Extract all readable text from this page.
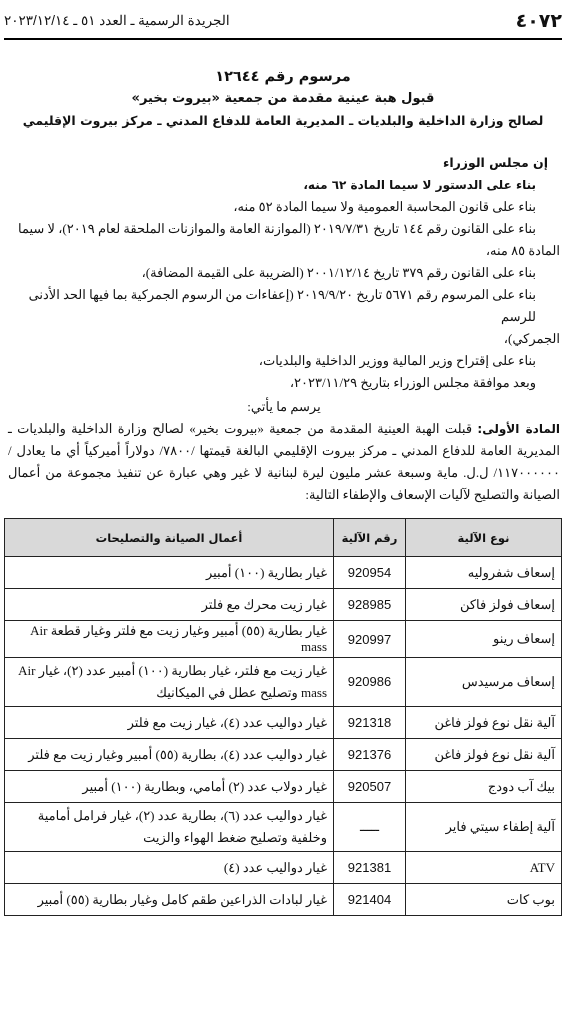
٤٠٧٢
الجريدة الرسمية ـ العدد ٥١ ـ ٢٠٢٣/١٢/١٤
مرسوم رقم ١٢٦٤٤
قبول هبة عينية مقدمة من جمعية «بيروت بخير»
لصالح وزارة الداخلية والبلديات ـ المديرية العامة للدفاع المدني ـ مركز بيروت الإقليمي
إن مجلس الوزراء
بناء على الدستور لا سيما المادة ٦٢ منه،
بناء على قانون المحاسبة العمومية ولا سيما المادة ٥٢ منه،
بناء على القانون رقم ١٤٤ تاريخ ٢٠١٩/٧/٣١ (الموازنة العامة والموازنات الملحقة لعام ٢٠١٩)، لا سيما
المادة ٨٥ منه،
بناء على القانون رقم ٣٧٩ تاريخ ٢٠٠١/١٢/١٤ (الضريبة على القيمة المضافة)،
بناء على المرسوم رقم ٥٦٧١ تاريخ ٢٠١٩/٩/٢٠ (إعفاءات من الرسوم الجمركية بما فيها الحد الأدنى للرسم
الجمركي)،
بناء على إقتراح وزير المالية ووزير الداخلية والبلديات،
وبعد موافقة مجلس الوزراء بتاريخ ٢٠٢٣/١١/٢٩،
يرسم ما يأتي:
المادة الأولى: قبلت الهبة العينية المقدمة من جمعية «بيروت بخير» لصالح وزارة الداخلية والبلديات ـ المديرية العامة للدفاع المدني ـ مركز بيروت الإقليمي البالغة قيمتها /٧٨٠٠/ دولاراً أميركياً أي ما يعادل /١١٧٠٠٠٠٠٠/ ل.ل. ماية وسبعة عشر مليون ليرة لبنانية لا غير وهي عبارة عن تنفيذ مجموعة من أعمال الصيانة والتصليح لآليات الإسعاف والإطفاء التالية:
نوع الآلية	رقم الآلية	أعمال الصيانة والتصليحات
إسعاف شفروليه	920954	غيار بطارية (١٠٠) أمبير
إسعاف فولز فاكن	928985	غيار زيت محرك مع فلتر
إسعاف رينو	920997	غيار بطارية (٥٥) أمبير وغيار زيت مع فلتر وغيار قطعة Air mass
إسعاف مرسيدس	920986	غيار زيت مع فلتر، غيار بطارية (١٠٠) أمبير عدد (٢)، غيار Air mass وتصليح عطل في الميكانيك
آلية نقل نوع فولز فاغن	921318	غيار دواليب عدد (٤)، غيار زيت مع فلتر
آلية نقل نوع فولز فاغن	921376	غيار دواليب عدد (٤)، بطارية (٥٥) أمبير وغيار زيت مع فلتر
بيك آب دودج	920507	غيار دولاب عدد (٢) أمامي، وبطارية (١٠٠) أمبير
آلية إطفاء سيتي فاير	ـــــ	غيار دواليب عدد (٦)، بطارية عدد (٢)، غيار فرامل أمامية وخلفية وتصليح ضغط الهواء والزيت
ATV	921381	غيار دواليب عدد (٤)
بوب كات	921404	غيار لبادات الذراعين طقم كامل وغيار بطارية (٥٥) أمبير
